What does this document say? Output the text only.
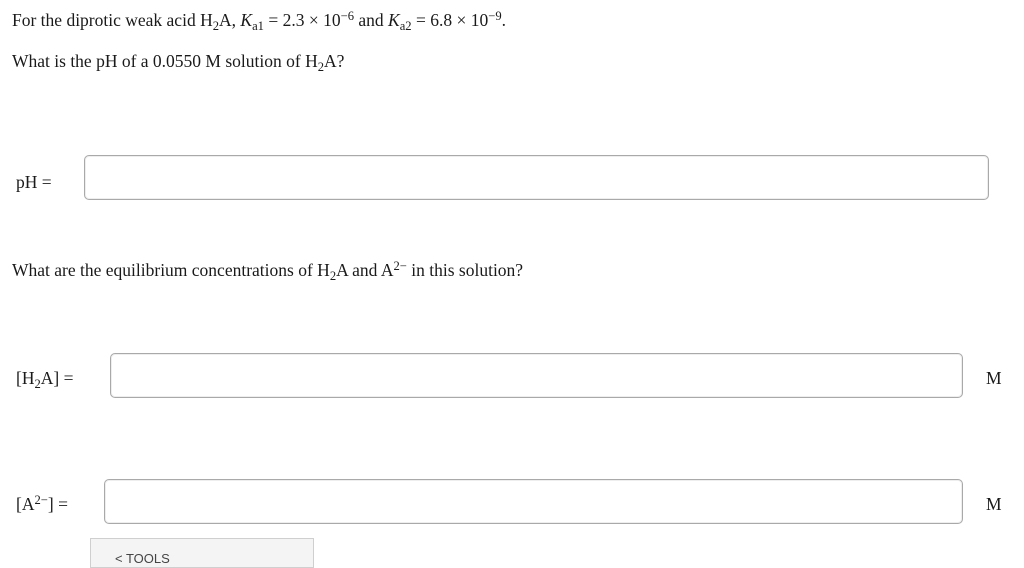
For the diprotic weak acid $H_2A$, $K_{a1} = 2.3 \times 10^{-6}$ and $K_{a2} = 6.8 \times 10^{-9}$.
What is the pH of a 0.0550 M solution of $H_2A$?
pH =
What are the equilibrium concentrations of $H_2A$ and $A^{2-}$ in this solution?
$[H_2A]$ =	M
$[A^{2-}]$ =	M
< TOOLS
